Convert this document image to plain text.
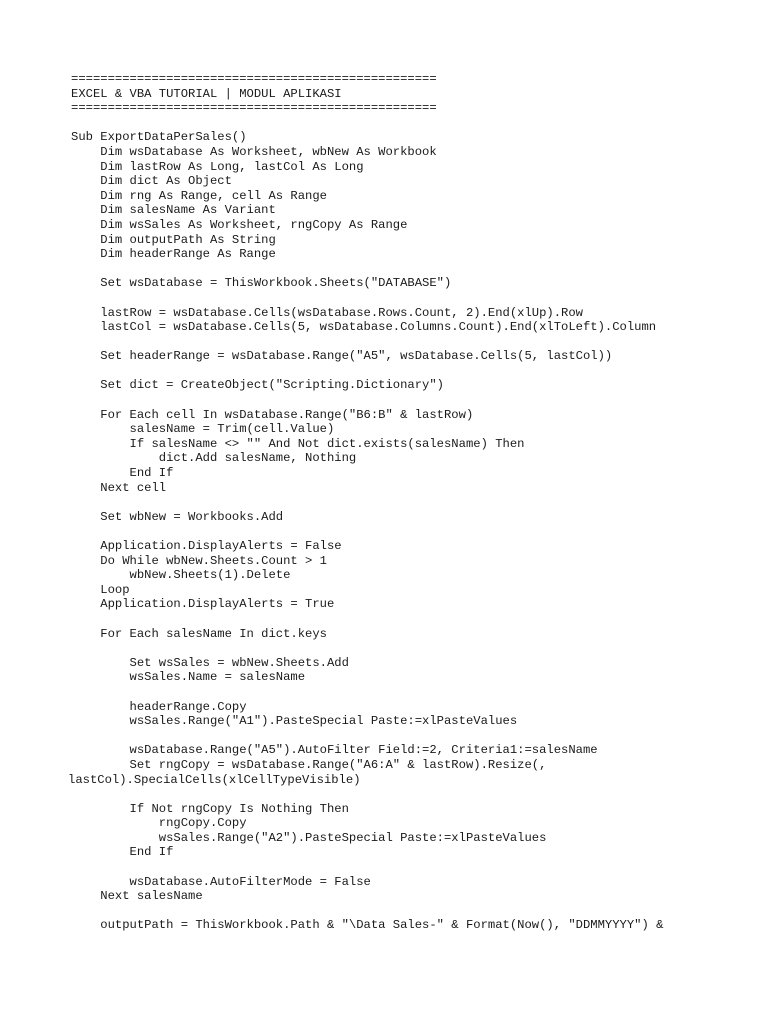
==================================================
EXCEL & VBA TUTORIAL | MODUL APLIKASI
==================================================
Sub ExportDataPerSales()
Dim wsDatabase As Worksheet, wbNew As Workbook
Dim lastRow As Long, lastCol As Long
Dim dict As Object
Dim rng As Range, cell As Range
Dim salesName As Variant
Dim wsSales As Worksheet, rngCopy As Range
Dim outputPath As String
Dim headerRange As Range
Set wsDatabase = ThisWorkbook.Sheets("DATABASE")
lastRow = wsDatabase.Cells(wsDatabase.Rows.Count, 2).End(xlUp).Row
lastCol = wsDatabase.Cells(5, wsDatabase.Columns.Count).End(xlToLeft).Column
Set headerRange = wsDatabase.Range("A5", wsDatabase.Cells(5, lastCol))
Set dict = CreateObject("Scripting.Dictionary")
For Each cell In wsDatabase.Range("B6:B" & lastRow)
salesName = Trim(cell.Value)
If salesName <> "" And Not dict.exists(salesName) Then
dict.Add salesName, Nothing
End If
Next cell
Set wbNew = Workbooks.Add
Application.DisplayAlerts = False
Do While wbNew.Sheets.Count > 1
wbNew.Sheets(1).Delete
Loop
Application.DisplayAlerts = True
For Each salesName In dict.keys
Set wsSales = wbNew.Sheets.Add
wsSales.Name = salesName
headerRange.Copy
wsSales.Range("A1").PasteSpecial Paste:=xlPasteValues
wsDatabase.Range("A5").AutoFilter Field:=2, Criteria1:=salesName
Set rngCopy = wsDatabase.Range("A6:A" & lastRow).Resize(,
lastCol).SpecialCells(xlCellTypeVisible)
If Not rngCopy Is Nothing Then
rngCopy.Copy
wsSales.Range("A2").PasteSpecial Paste:=xlPasteValues
End If
wsDatabase.AutoFilterMode = False
Next salesName
outputPath = ThisWorkbook.Path & "\Data Sales-" & Format(Now(), "DDMMYYYY") &
